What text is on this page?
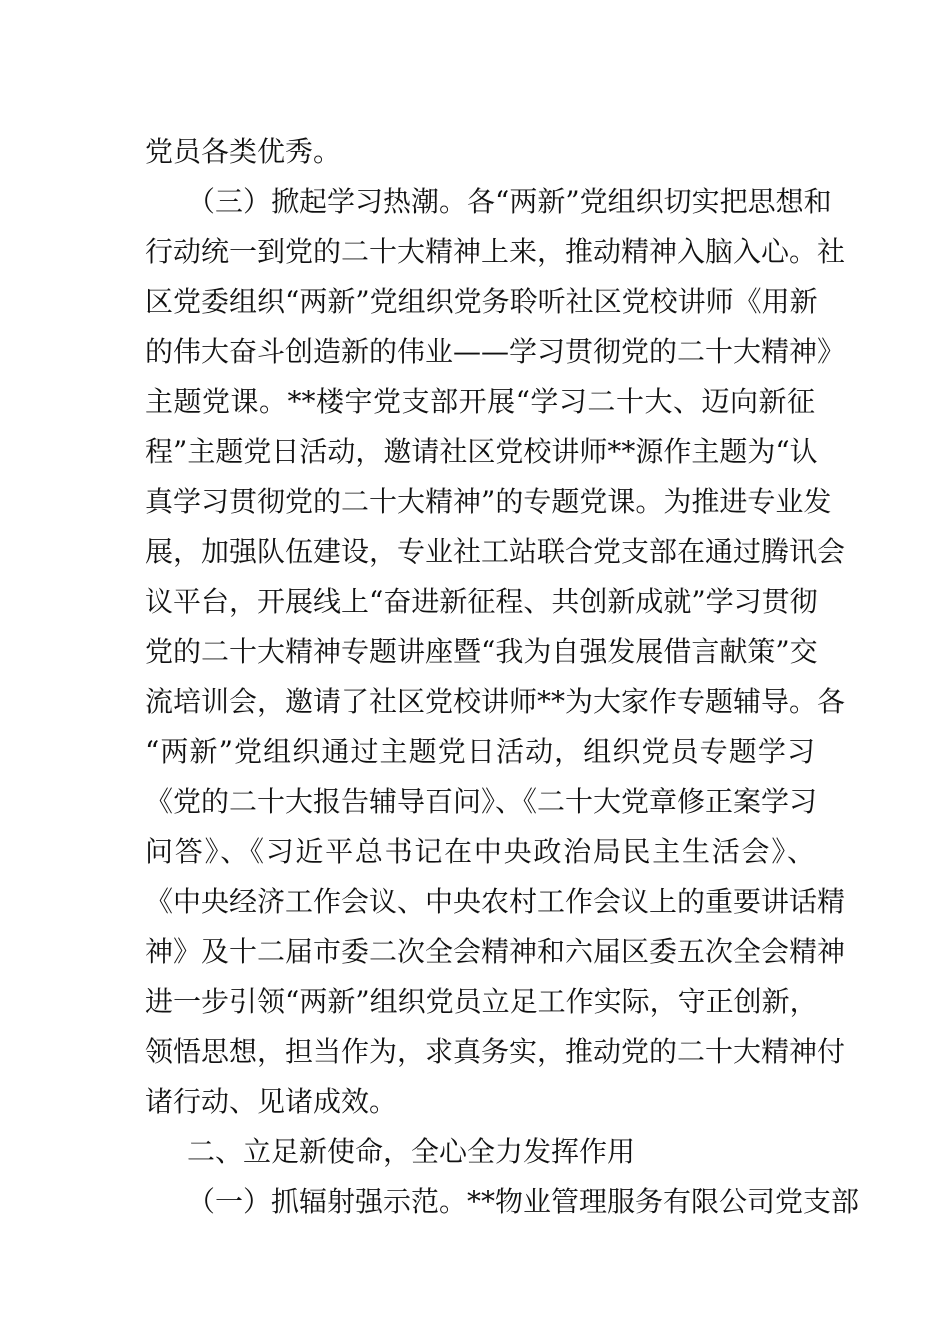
党员各类优秀。
（三）掀起学习热潮。各“两新”党组织切实把思想和
行动统一到党的二十大精神上来，推动精神入脑入心。社
区党委组织“两新”党组织党务聆听社区党校讲师《用新
的伟大奋斗创造新的伟业——学习贯彻党的二十大精神》
主题党课。**楼宇党支部开展“学习二十大、迈向新征
程”主题党日活动，邀请社区党校讲师**源作主题为“认
真学习贯彻党的二十大精神”的专题党课。为推进专业发
展，加强队伍建设，专业社工站联合党支部在通过腾讯会
议平台，开展线上“奋进新征程、共创新成就”学习贯彻
党的二十大精神专题讲座暨“我为自强发展借言献策”交
流培训会，邀请了社区党校讲师**为大家作专题辅导。各
“两新”党组织通过主题党日活动，组织党员专题学习
《党的二十大报告辅导百问》、《二十大党章修正案学习
问答》、《习近平总书记在中央政治局民主生活会》、
《中央经济工作会议、中央农村工作会议上的重要讲话精
神》及十二届市委二次全会精神和六届区委五次全会精神
进一步引领“两新”组织党员立足工作实际，守正创新，
领悟思想，担当作为，求真务实，推动党的二十大精神付
诸行动、见诸成效。
二、立足新使命，全心全力发挥作用
（一）抓辐射强示范。**物业管理服务有限公司党支部
